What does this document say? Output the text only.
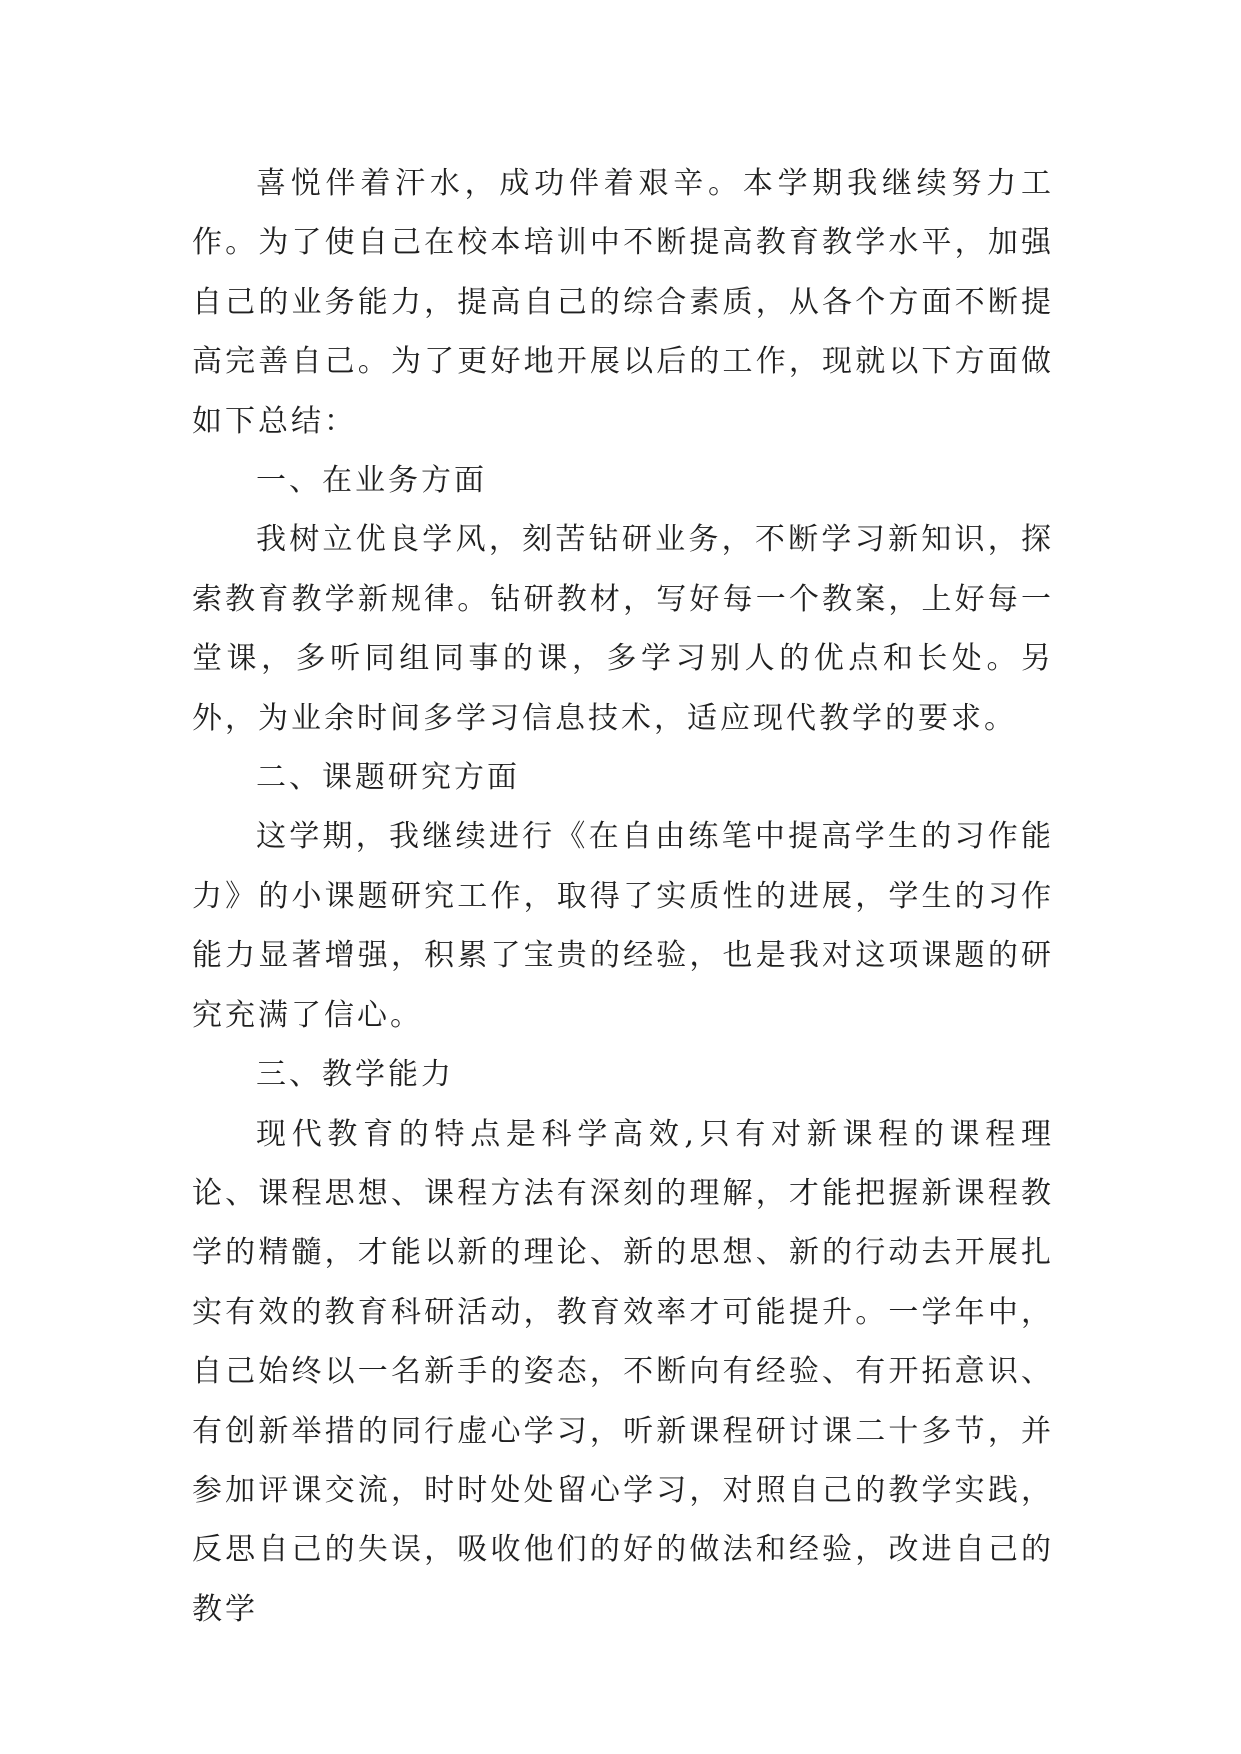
喜悦伴着汗水，成功伴着艰辛。本学期我继续努力工作。为了使自己在校本培训中不断提高教育教学水平，加强自己的业务能力，提高自己的综合素质，从各个方面不断提高完善自己。为了更好地开展以后的工作，现就以下方面做如下总结：

一、在业务方面

我树立优良学风，刻苦钻研业务，不断学习新知识，探索教育教学新规律。钻研教材，写好每一个教案，上好每一堂课，多听同组同事的课，多学习别人的优点和长处。另外，为业余时间多学习信息技术，适应现代教学的要求。

二、课题研究方面

这学期，我继续进行《在自由练笔中提高学生的习作能力》的小课题研究工作，取得了实质性的进展，学生的习作能力显著增强，积累了宝贵的经验，也是我对这项课题的研究充满了信心。

三、教学能力

现代教育的特点是科学高效,只有对新课程的课程理论、课程思想、课程方法有深刻的理解，才能把握新课程教学的精髓，才能以新的理论、新的思想、新的行动去开展扎实有效的教育科研活动，教育效率才可能提升。一学年中，自己始终以一名新手的姿态，不断向有经验、有开拓意识、有创新举措的同行虚心学习，听新课程研讨课二十多节，并参加评课交流，时时处处留心学习，对照自己的教学实践，反思自己的失误，吸收他们的好的做法和经验，改进自己的教学
